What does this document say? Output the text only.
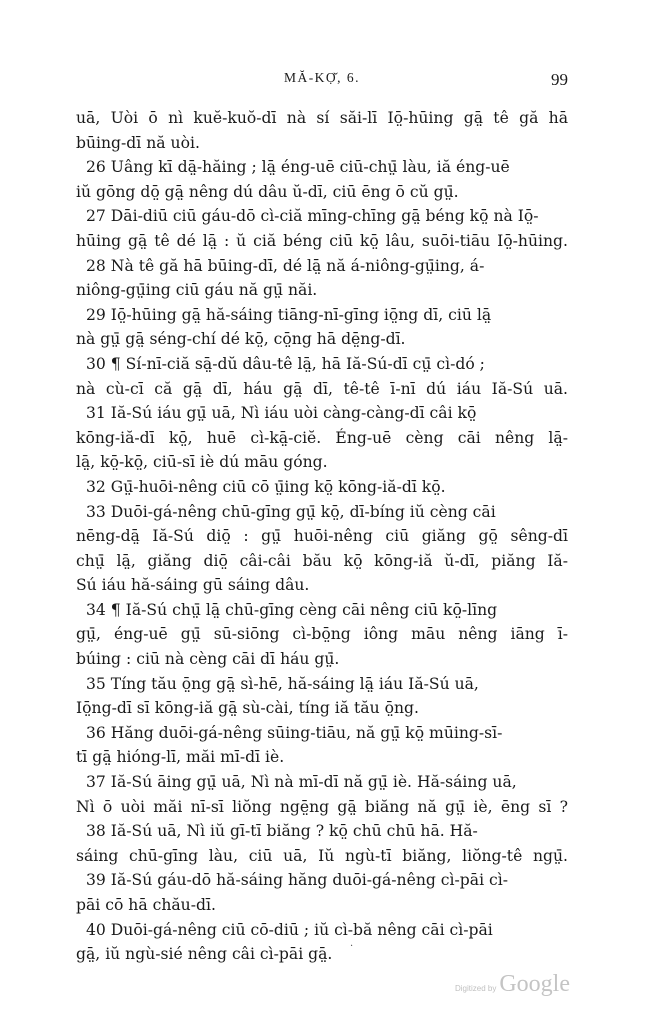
MĂ-KỌ̆, 6.	99
uā, Uòi ō nì kuĕ-kuŏ-dī nà sí săi-lī Iō̤-hūing gā̤ tê gă hā
būing-dī nă uòi.
26 Uâng kī dā̤-hăing ; lā̤ éng-uē ciū-chṳ̄ làu, iă éng-uē
iŭ gōng dō̤ gā̤ nêng dú dâu ŭ-dī, ciū ēng ō cŭ gṳ̄.
27 Dāi-diū ciū gáu-dō cì-ciă mīng-chīng gā̤ béng kō̤ nà Iō̤-
hūing gā̤ tê dé lā̤ : ŭ ciă béng ciū kō̤ lâu, suōi-tiāu Iō̤-hūing.
28 Nà tê gă hā būing-dī, dé lā̤ nă á-niông-gṳ̄ing, á-
niông-gṳ̄ing ciū gáu nă gṳ̄ năi.
29 Iō̤-hūing gā̤ hă-sáing tiāng-nī-gīng iō̤ng dī, ciū lā̤
nà gṳ̄ gā̤ séng-chí dé kō̤, cō̤ng hā dē̤ng-dī.
30 ¶ Sí-nī-ciă sā̤-dŭ dâu-tê lā̤, hā Iă-Sú-dī cṳ̄ cì-dó ;
nà cù-cī că gā̤ dī, háu gā̤ dī, tê-tê ī-nī dú iáu Iă-Sú uā.
31 Iă-Sú iáu gṳ̄ uā, Nì iáu uòi càng-càng-dī câi kō̤
kōng-iă-dī kō̤, huē cì-kā̤-ciĕ. Éng-uē cèng cāi nêng lā̤-
lā̤, kō̤-kō̤, ciū-sī iè dú māu góng.
32 Gṳ̄-huōi-nêng ciū cō ṳ̄ing kō̤ kōng-iă-dī kō̤.
33 Duōi-gá-nêng chū-gīng gṳ̄ kō̤, dī-bíng iŭ cèng cāi
nēng-dā̤ Iă-Sú diō̤ : gṳ̄ huōi-nêng ciū giăng gō̤ sêng-dī
chṳ̄ lā̤, giăng diō̤ câi-câi bău kō̤ kōng-iă ŭ-dī, piăng Iă-
Sú iáu hă-sáing gū sáing dâu.
34 ¶ Iă-Sú chṳ̄ lā̤ chū-gīng cèng cāi nêng ciū kō̤-līng
gṳ̄, éng-uē gṳ̄ sū-siōng cì-bō̤ng iông māu nêng iāng ī-
búing : ciū nà cèng cāi dī háu gṳ̄.
35 Tíng tău ō̤ng gā̤ sì-hē, hă-sáing lā̤ iáu Iă-Sú uā,
Iō̤ng-dī sī kōng-iă gā̤ sù-cài, tíng iă tău ō̤ng.
36 Hăng duōi-gá-nêng sūing-tiāu, nă gṳ̄ kō̤ mūing-sī-
tī gā̤ hióng-lī, măi mī-dī iè.
37 Iă-Sú āing gṳ̄ uā, Nì nà mī-dī nă gṳ̄ iè. Hă-sáing uā,
Nì ō uòi măi nī-sī liŏng ngē̤ng gā̤ biăng nă gṳ̄ iè, ēng sī ?
38 Iă-Sú uā, Nì iŭ gī-tī biăng ? kō̤ chū chū hā. Hă-
sáing chū-gīng làu, ciū uā, Iŭ ngù-tī biăng, liŏng-tê ngṳ̄.
39 Iă-Sú gáu-dō hă-sáing hăng duōi-gá-nêng cì-pāi cì-
pāi cō hā chău-dī.
40 Duōi-gá-nêng ciū cō-diū ; iŭ cì-bă nêng cāi cì-pāi
gā̤, iŭ ngù-sié nêng câi cì-pāi gā̤.	·
Digitized by Google
